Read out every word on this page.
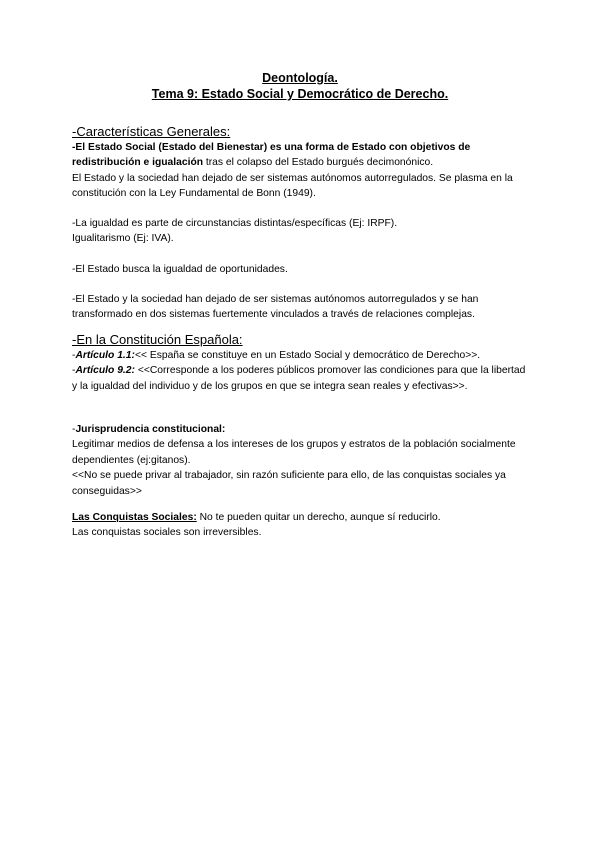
Deontología.

Tema 9: Estado Social y Democrático de Derecho.

-Características Generales:

-El Estado Social (Estado del Bienestar) es una forma de Estado con objetivos de redistribución e igualación tras el colapso del Estado burgués decimonónico.

El Estado y la sociedad han dejado de ser sistemas autónomos autorregulados. Se plasma en la constitución con la Ley Fundamental de Bonn (1949).

-La igualdad es parte de circunstancias distintas/específicas (Ej: IRPF).

Igualitarismo (Ej: IVA).

-El Estado busca la igualdad de oportunidades.

-El Estado y la sociedad han dejado de ser sistemas autónomos autorregulados y se han transformado en dos sistemas fuertemente vinculados a través de relaciones complejas.

-En la Constitución Española:

-Artículo 1.1:<< España se constituye en un Estado Social y democrático de Derecho>>.

-Artículo 9.2: <<Corresponde a los poderes públicos promover las condiciones para que la libertad y la igualdad del individuo y de los grupos en que se integra sean reales y efectivas>>.

-Jurisprudencia constitucional:

Legitimar medios de defensa a los intereses de los grupos y estratos de la población socialmente dependientes (ej:gitanos).

<<No se puede privar al trabajador, sin razón suficiente para ello, de las conquistas sociales ya conseguidas>>

Las Conquistas Sociales: No te pueden quitar un derecho, aunque sí reducirlo.

Las conquistas sociales son irreversibles.
